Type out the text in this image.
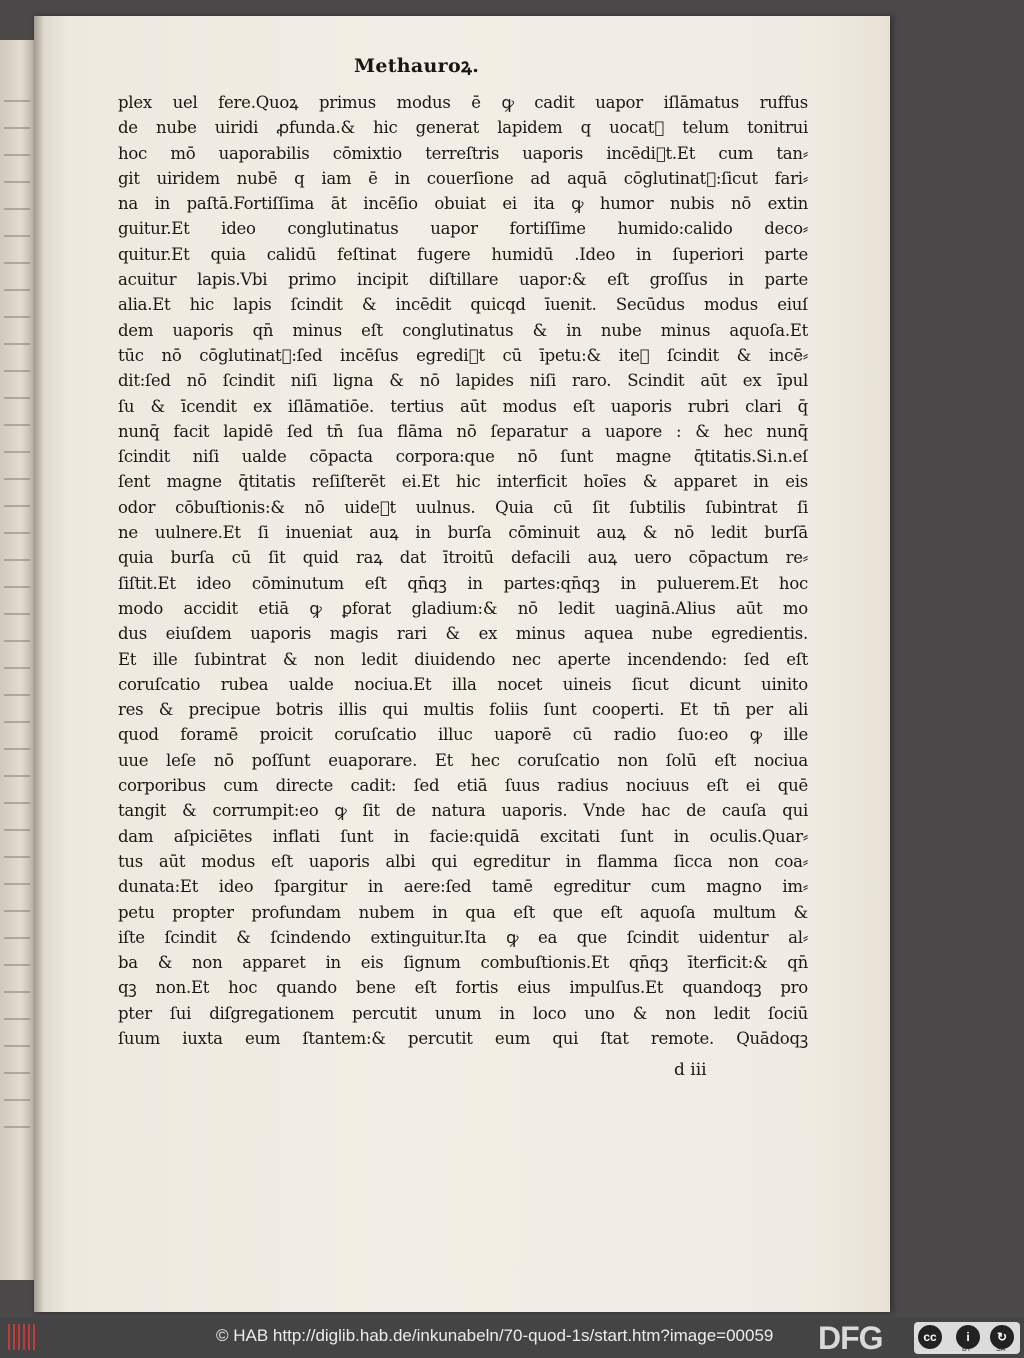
Methauroꝝ.
plex uel fere.Quoꝝ primus modus ē ꝙ cadit uapor iſlāmatus ruffus
de nube uiridi ꝓfunda.& hic generat lapidem q uocatᷣ telum tonitrui
hoc mō uaporabilis cōmixtio terreſtris uaporis incēdiᷣt.Et cum tan⸗
git uiridem nubē q iam ē in couerſione ad aquā cōglutinatᷣ:ſicut fari⸗
na in paſtā.Fortiſſima āt incēſio obuiat ei ita ꝙ humor nubis nō extin
guitur.Et ideo conglutinatus uapor fortiſſime humido:calido deco⸗
quitur.Et quia calidū feſtinat fugere humidū .Ideo in ſuperiori parte
acuitur lapis.Vbi primo incipit diſtillare uapor:& eſt groſſus in parte
alia.Et hic lapis ſcindit & incēdit quicqd īuenit. Secūdus modus eiuſ
dem uaporis qn̄ minus eſt conglutinatus & in nube minus aquoſa.Et
tūc nō cōglutinatᷣ:ſed incēſus egrediᷣt cū īpetu:& iteꝝ ſcindit & incē⸗
dit:ſed nō ſcindit niſi ligna & nō lapides niſi raro. Scindit aūt ex īpul
ſu & īcendit ex iſlāmatiōe. tertius aūt modus eſt uaporis rubri clari q̄
nunq̄ facit lapidē ſed tn̄ ſua flāma nō ſeparatur a uapore : & hec nunq̄
ſcindit niſi ualde cōpacta corpora:que nō ſunt magne q̄titatis.Si.n.eſ
ſent magne q̄titatis reſiſterēt ei.Et hic interficit hoīes & apparet in eis
odor cōbuſtionis:& nō uideᷣt uulnus. Quia cū ſit ſubtilis ſubintrat ſi
ne uulnere.Et ſi inueniat auꝝ in burſa cōminuit auꝝ & nō ledit burſā
quia burſa cū ſit quid raꝝ dat ītroitū defacili auꝝ uero cōpactum re⸗
ſiſtit.Et ideo cōminutum eſt qn̄qꝫ in partes:qn̄qꝫ in puluerem.Et hoc
modo accidit etiā ꝙ ꝑforat gladium:& nō ledit uaginā.Alius aūt mo
dus eiuſdem uaporis magis rari & ex minus aquea nube egredientis.
Et ille ſubintrat & non ledit diuidendo nec aperte incendendo: ſed eſt
coruſcatio rubea ualde nociua.Et illa nocet uineis ſicut dicunt uinito
res & precipue botris illis qui multis foliis ſunt cooperti. Et tn̄ per ali
quod foramē proicit coruſcatio illuc uaporē cū radio ſuo:eo ꝙ ille
uue leſe nō poſſunt euaporare. Et hec coruſcatio non ſolū eſt nociua
corporibus cum directe cadit: ſed etiā ſuus radius nociuus eſt ei quē
tangit & corrumpit:eo ꝙ ſit de natura uaporis. Vnde hac de cauſa qui
dam aſpiciētes inflati ſunt in facie:quidā excitati ſunt in oculis.Quar⸗
tus aūt modus eſt uaporis albi qui egreditur in flamma ſicca non coa⸗
dunata:Et ideo ſpargitur in aere:ſed tamē egreditur cum magno im⸗
petu propter profundam nubem in qua eſt que eſt aquoſa multum &
iſte ſcindit & ſcindendo extinguitur.Ita ꝙ ea que ſcindit uidentur al⸗
ba & non apparet in eis ſignum combuſtionis.Et qn̄qꝫ īterficit:& qn̄
qꝫ non.Et hoc quando bene eſt fortis eius impulſus.Et quandoqꝫ pro
pter ſui diſgregationem percutit unum in loco uno & non ledit ſociū
ſuum iuxta eum ſtantem:& percutit eum qui ſtat remote. Quādoqꝫ
d iii
© HAB http://diglib.hab.de/inkunabeln/70-quod-1s/start.htm?image=00059 DFG	cc	i	↻
BY	SA
